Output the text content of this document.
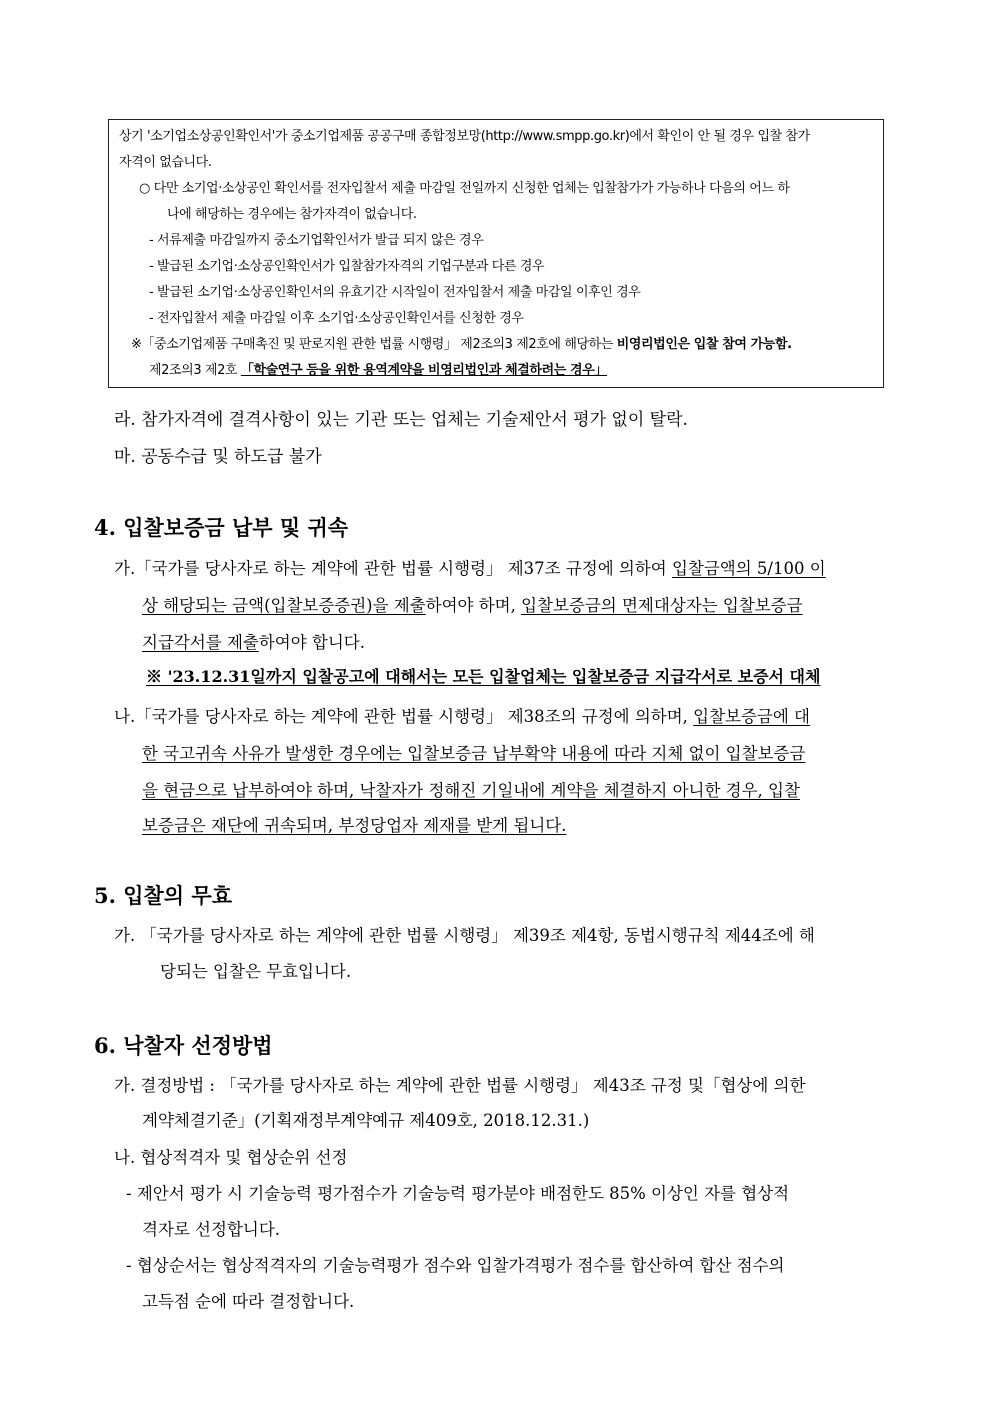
상기 '소기업소상공인확인서'가 중소기업제품 공공구매 종합정보망(http://www.smpp.go.kr)에서 확인이 안 될 경우 입찰 참가
자격이 없습니다.
○ 다만 소기업·소상공인 확인서를 전자입찰서 제출 마감일 전일까지 신청한 업체는 입찰참가가 가능하나 다음의 어느 하
나에 해당하는 경우에는 참가자격이 없습니다.
- 서류제출 마감일까지 중소기업확인서가 발급 되지 않은 경우
- 발급된 소기업·소상공인확인서가 입찰참가자격의 기업구분과 다른 경우
- 발급된 소기업·소상공인확인서의 유효기간 시작일이 전자입찰서 제출 마감일 이후인 경우
- 전자입찰서 제출 마감일 이후 소기업·소상공인확인서를 신청한 경우
※「중소기업제품 구매촉진 및 판로지원 관한 법률 시행령」 제2조의3 제2호에 해당하는 비영리법인은 입찰 참여 가능함.
제2조의3 제2호 「학술연구 등을 위한 용역계약을 비영리법인과 체결하려는 경우」
라. 참가자격에 결격사항이 있는 기관 또는 업체는 기술제안서 평가 없이 탈락.
마. 공동수급 및 하도급 불가
4. 입찰보증금 납부 및 귀속
가.「국가를 당사자로 하는 계약에 관한 법률 시행령」 제37조 규정에 의하여 입찰금액의 5/100 이
상 해당되는 금액(입찰보증증권)을 제출하여야 하며, 입찰보증금의 면제대상자는 입찰보증금
지급각서를 제출하여야 합니다.
※ '23.12.31일까지 입찰공고에 대해서는 모든 입찰업체는 입찰보증금 지급각서로 보증서 대체
나.「국가를 당사자로 하는 계약에 관한 법률 시행령」 제38조의 규정에 의하며, 입찰보증금에 대
한 국고귀속 사유가 발생한 경우에는 입찰보증금 납부확약 내용에 따라 지체 없이 입찰보증금
을 현금으로 납부하여야 하며, 낙찰자가 정해진 기일내에 계약을 체결하지 아니한 경우, 입찰
보증금은 재단에 귀속되며, 부정당업자 제재를 받게 됩니다.
5. 입찰의 무효
가. 「국가를 당사자로 하는 계약에 관한 법률 시행령」 제39조 제4항, 동법시행규칙 제44조에 해
당되는 입찰은 무효입니다.
6. 낙찰자 선정방법
가. 결정방법 : 「국가를 당사자로 하는 계약에 관한 법률 시행령」 제43조 규정 및「협상에 의한
계약체결기준」(기획재정부계약예규 제409호, 2018.12.31.)
나. 협상적격자 및 협상순위 선정
- 제안서 평가 시 기술능력 평가점수가 기술능력 평가분야 배점한도 85% 이상인 자를 협상적
격자로 선정합니다.
- 협상순서는 협상적격자의 기술능력평가 점수와 입찰가격평가 점수를 합산하여 합산 점수의
고득점 순에 따라 결정합니다.
